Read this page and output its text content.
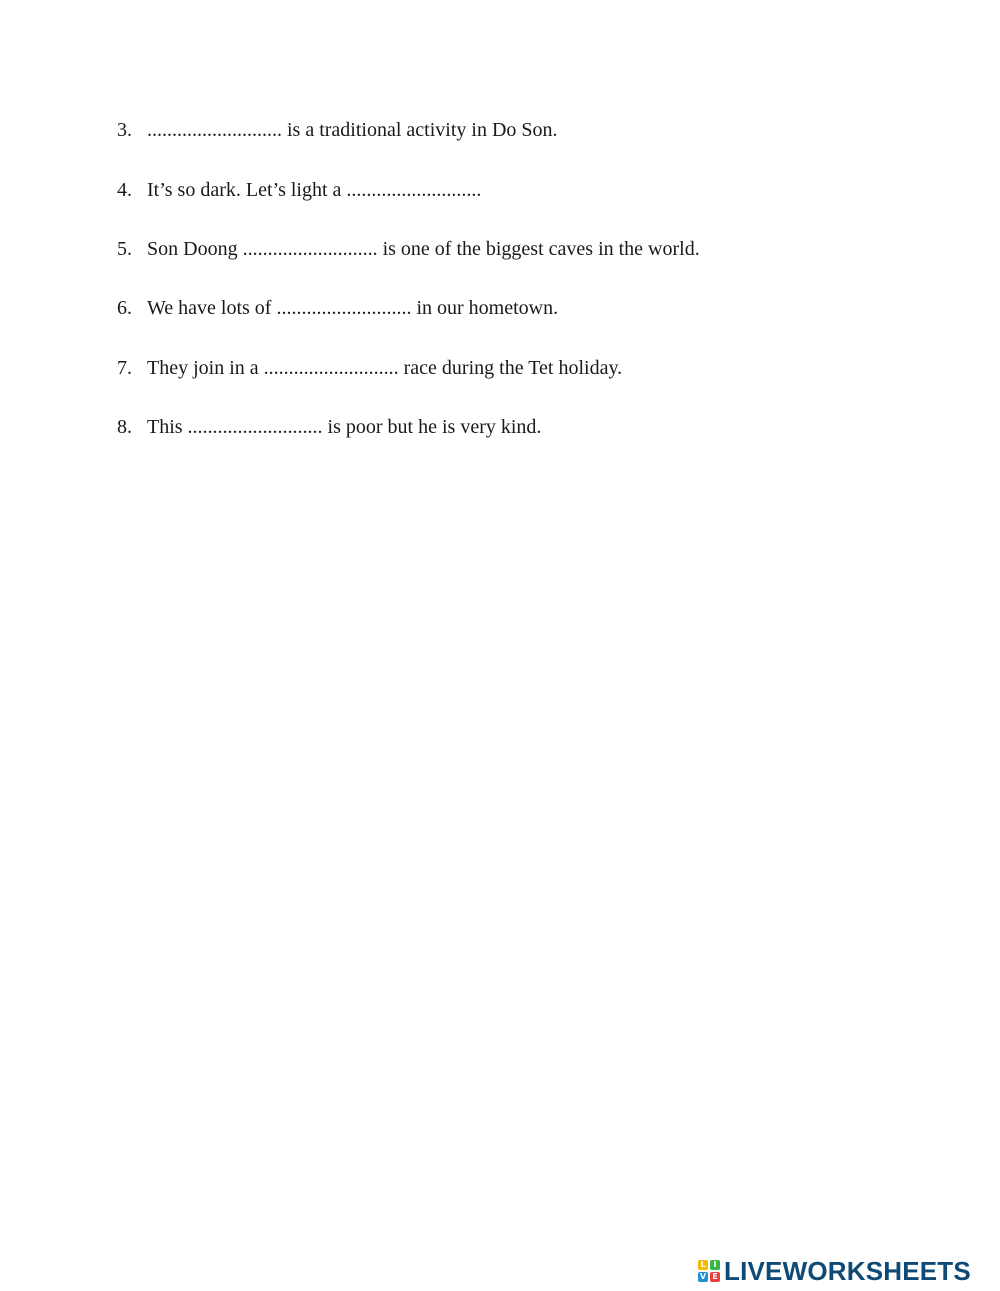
3. ........................... is a traditional activity in Do Son.
4. It’s so dark. Let’s light a ...........................
5. Son Doong ........................... is one of the biggest caves in the world.
6. We have lots of ........................... in our hometown.
7. They join in a ........................... race during the Tet holiday.
8. This ........................... is poor but he is very kind.
L I
V E LIVEWORKSHEETS
